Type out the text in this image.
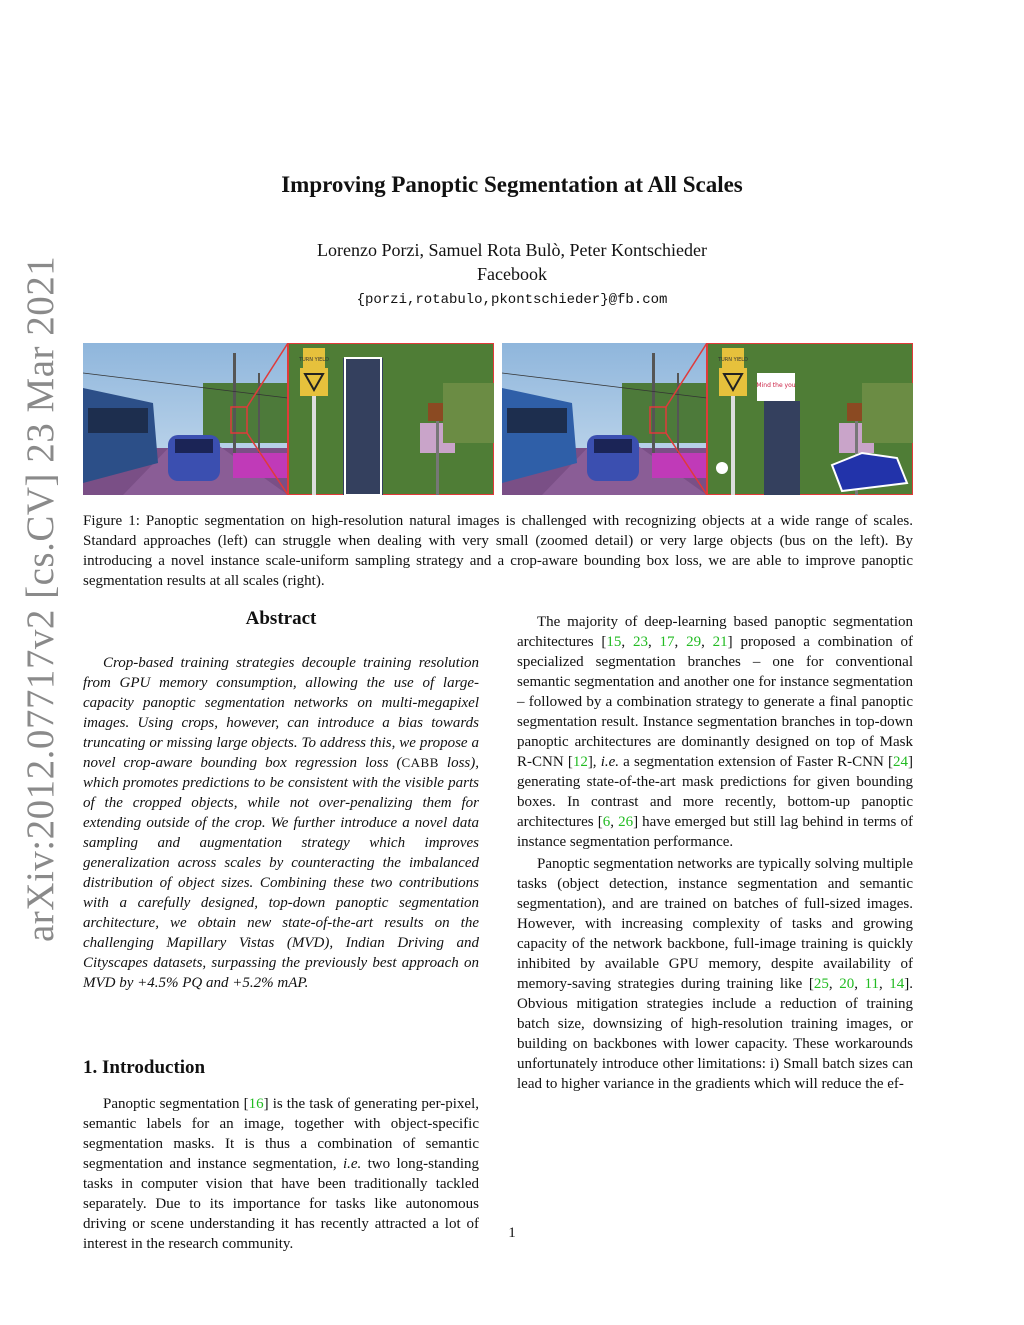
arXiv:2012.07717v2 [cs.CV] 23 Mar 2021
Improving Panoptic Segmentation at All Scales
Lorenzo Porzi, Samuel Rota Bulò, Peter Kontschieder
Facebook
{porzi,rotabulo,pkontschieder}@fb.com
TURN YIELD	TURN YIELD
Mind the you
Figure 1: Panoptic segmentation on high-resolution natural images is challenged with recognizing objects at a wide range of scales. Standard approaches (left) can struggle when dealing with very small (zoomed detail) or very large objects (bus on the left). By introducing a novel instance scale-uniform sampling strategy and a crop-aware bounding box loss, we are able to improve panoptic segmentation results at all scales (right).
Abstract

Crop-based training strategies decouple training resolution from GPU memory consumption, allowing the use of large-capacity panoptic segmentation networks on multi-megapixel images. Using crops, however, can introduce a bias towards truncating or missing large objects. To address this, we propose a novel crop-aware bounding box regression loss (CABB loss), which promotes predictions to be consistent with the visible parts of the cropped objects, while not over-penalizing them for extending outside of the crop. We further introduce a novel data sampling and augmentation strategy which improves generalization across scales by counteracting the imbalanced distribution of object sizes. Combining these two contributions with a carefully designed, top-down panoptic segmentation architecture, we obtain new state-of-the-art results on the challenging Mapillary Vistas (MVD), Indian Driving and Cityscapes datasets, surpassing the previously best approach on MVD by +4.5% PQ and +5.2% mAP.

1. Introduction

Panoptic segmentation [16] is the task of generating per-pixel, semantic labels for an image, together with object-specific segmentation masks. It is thus a combination of semantic segmentation and instance segmentation, i.e. two long-standing tasks in computer vision that have been traditionally tackled separately. Due to its importance for tasks like autonomous driving or scene understanding it has recently attracted a lot of interest in the research community.

The majority of deep-learning based panoptic segmentation architectures [15, 23, 17, 29, 21] proposed a combination of specialized segmentation branches – one for conventional semantic segmentation and another one for instance segmentation – followed by a combination strategy to generate a final panoptic segmentation result. Instance segmentation branches in top-down panoptic architectures are dominantly designed on top of Mask R-CNN [12], i.e. a segmentation extension of Faster R-CNN [24] generating state-of-the-art mask predictions for given bounding boxes. In contrast and more recently, bottom-up panoptic architectures [6, 26] have emerged but still lag behind in terms of instance segmentation performance.

Panoptic segmentation networks are typically solving multiple tasks (object detection, instance segmentation and semantic segmentation), and are trained on batches of full-sized images. However, with increasing complexity of tasks and growing capacity of the network backbone, full-image training is quickly inhibited by available GPU memory, despite availability of memory-saving strategies during training like [25, 20, 11, 14]. Obvious mitigation strategies include a reduction of training batch size, downsizing of high-resolution training images, or building on backbones with lower capacity. These workarounds unfortunately introduce other limitations: i) Small batch sizes can lead to higher variance in the gradients which will reduce the ef-

1
